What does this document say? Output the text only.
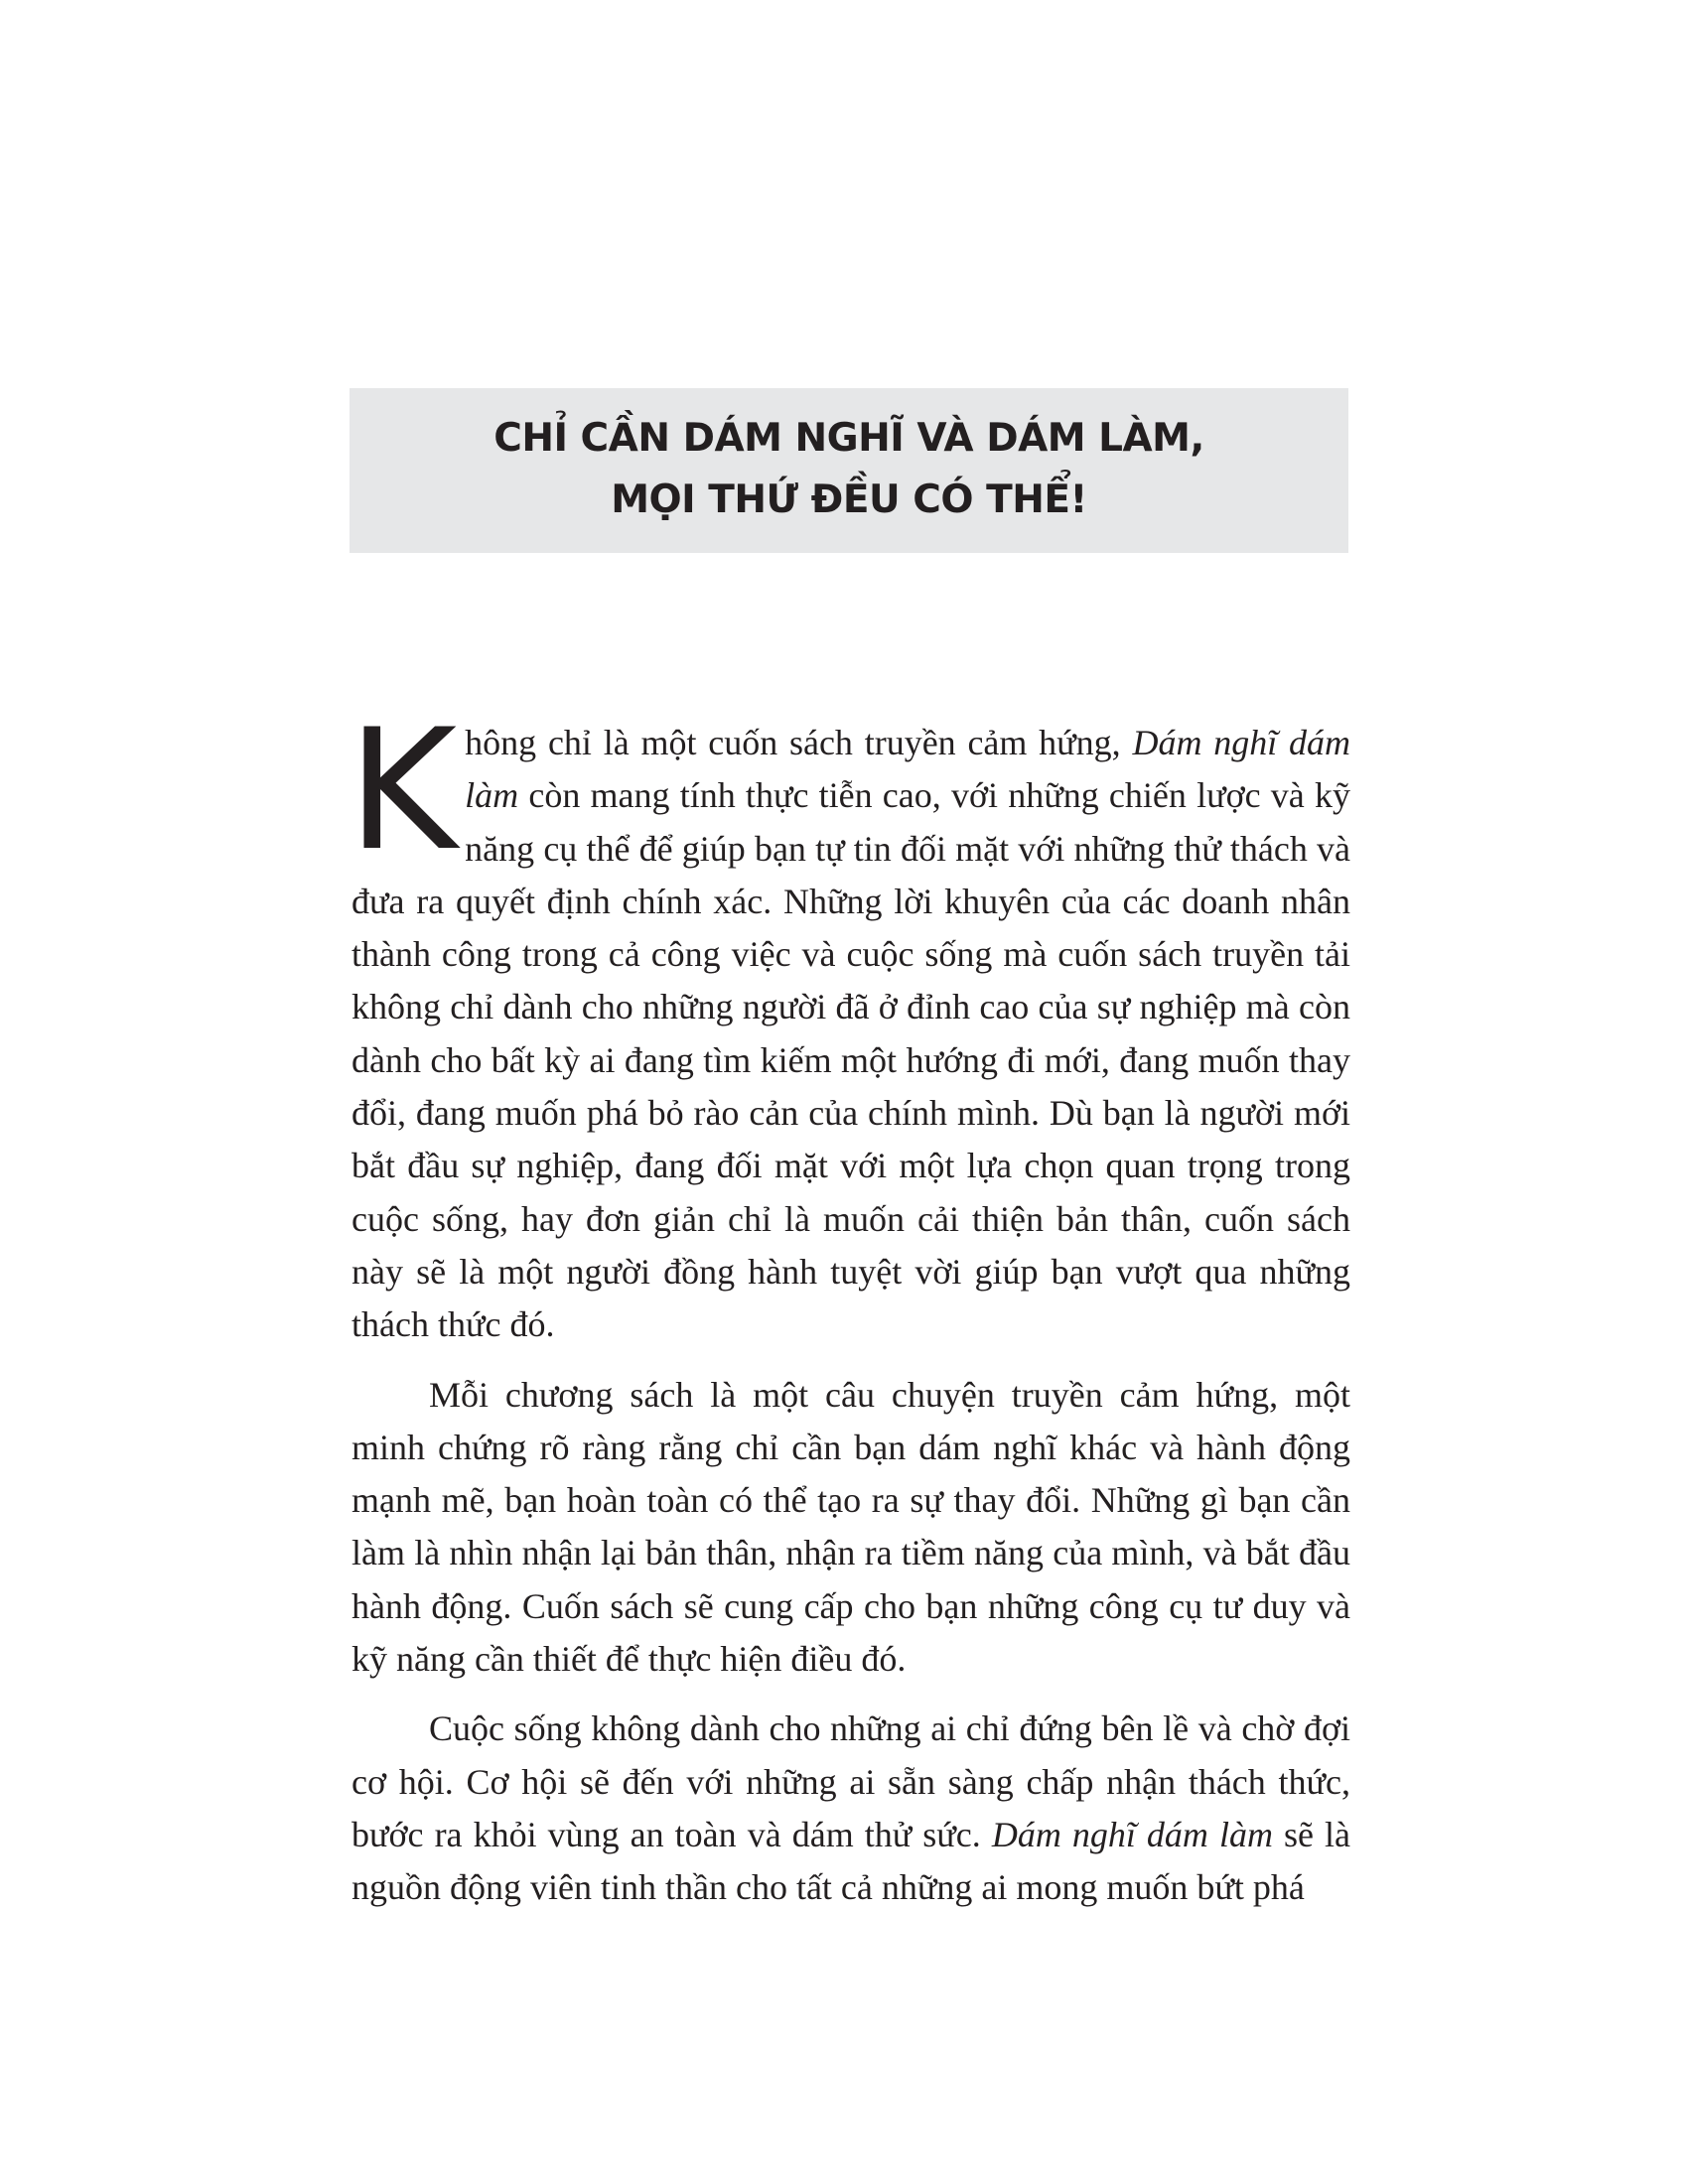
CHỈ CẦN DÁM NGHĨ VÀ DÁM LÀM,
MỌI THỨ ĐỀU CÓ THỂ!

Không chỉ là một cuốn sách truyền cảm hứng, Dám nghĩ dám làm còn mang tính thực tiễn cao, với những chiến lược và kỹ năng cụ thể để giúp bạn tự tin đối mặt với những thử thách và đưa ra quyết định chính xác. Những lời khuyên của các doanh nhân thành công trong cả công việc và cuộc sống mà cuốn sách truyền tải không chỉ dành cho những người đã ở đỉnh cao của sự nghiệp mà còn dành cho bất kỳ ai đang tìm kiếm một hướng đi mới, đang muốn thay đổi, đang muốn phá bỏ rào cản của chính mình. Dù bạn là người mới bắt đầu sự nghiệp, đang đối mặt với một lựa chọn quan trọng trong cuộc sống, hay đơn giản chỉ là muốn cải thiện bản thân, cuốn sách này sẽ là một người đồng hành tuyệt vời giúp bạn vượt qua những thách thức đó.

Mỗi chương sách là một câu chuyện truyền cảm hứng, một minh chứng rõ ràng rằng chỉ cần bạn dám nghĩ khác và hành động mạnh mẽ, bạn hoàn toàn có thể tạo ra sự thay đổi. Những gì bạn cần làm là nhìn nhận lại bản thân, nhận ra tiềm năng của mình, và bắt đầu hành động. Cuốn sách sẽ cung cấp cho bạn những công cụ tư duy và kỹ năng cần thiết để thực hiện điều đó.

Cuộc sống không dành cho những ai chỉ đứng bên lề và chờ đợi cơ hội. Cơ hội sẽ đến với những ai sẵn sàng chấp nhận thách thức, bước ra khỏi vùng an toàn và dám thử sức. Dám nghĩ dám làm sẽ là nguồn động viên tinh thần cho tất cả những ai mong muốn bứt phá
